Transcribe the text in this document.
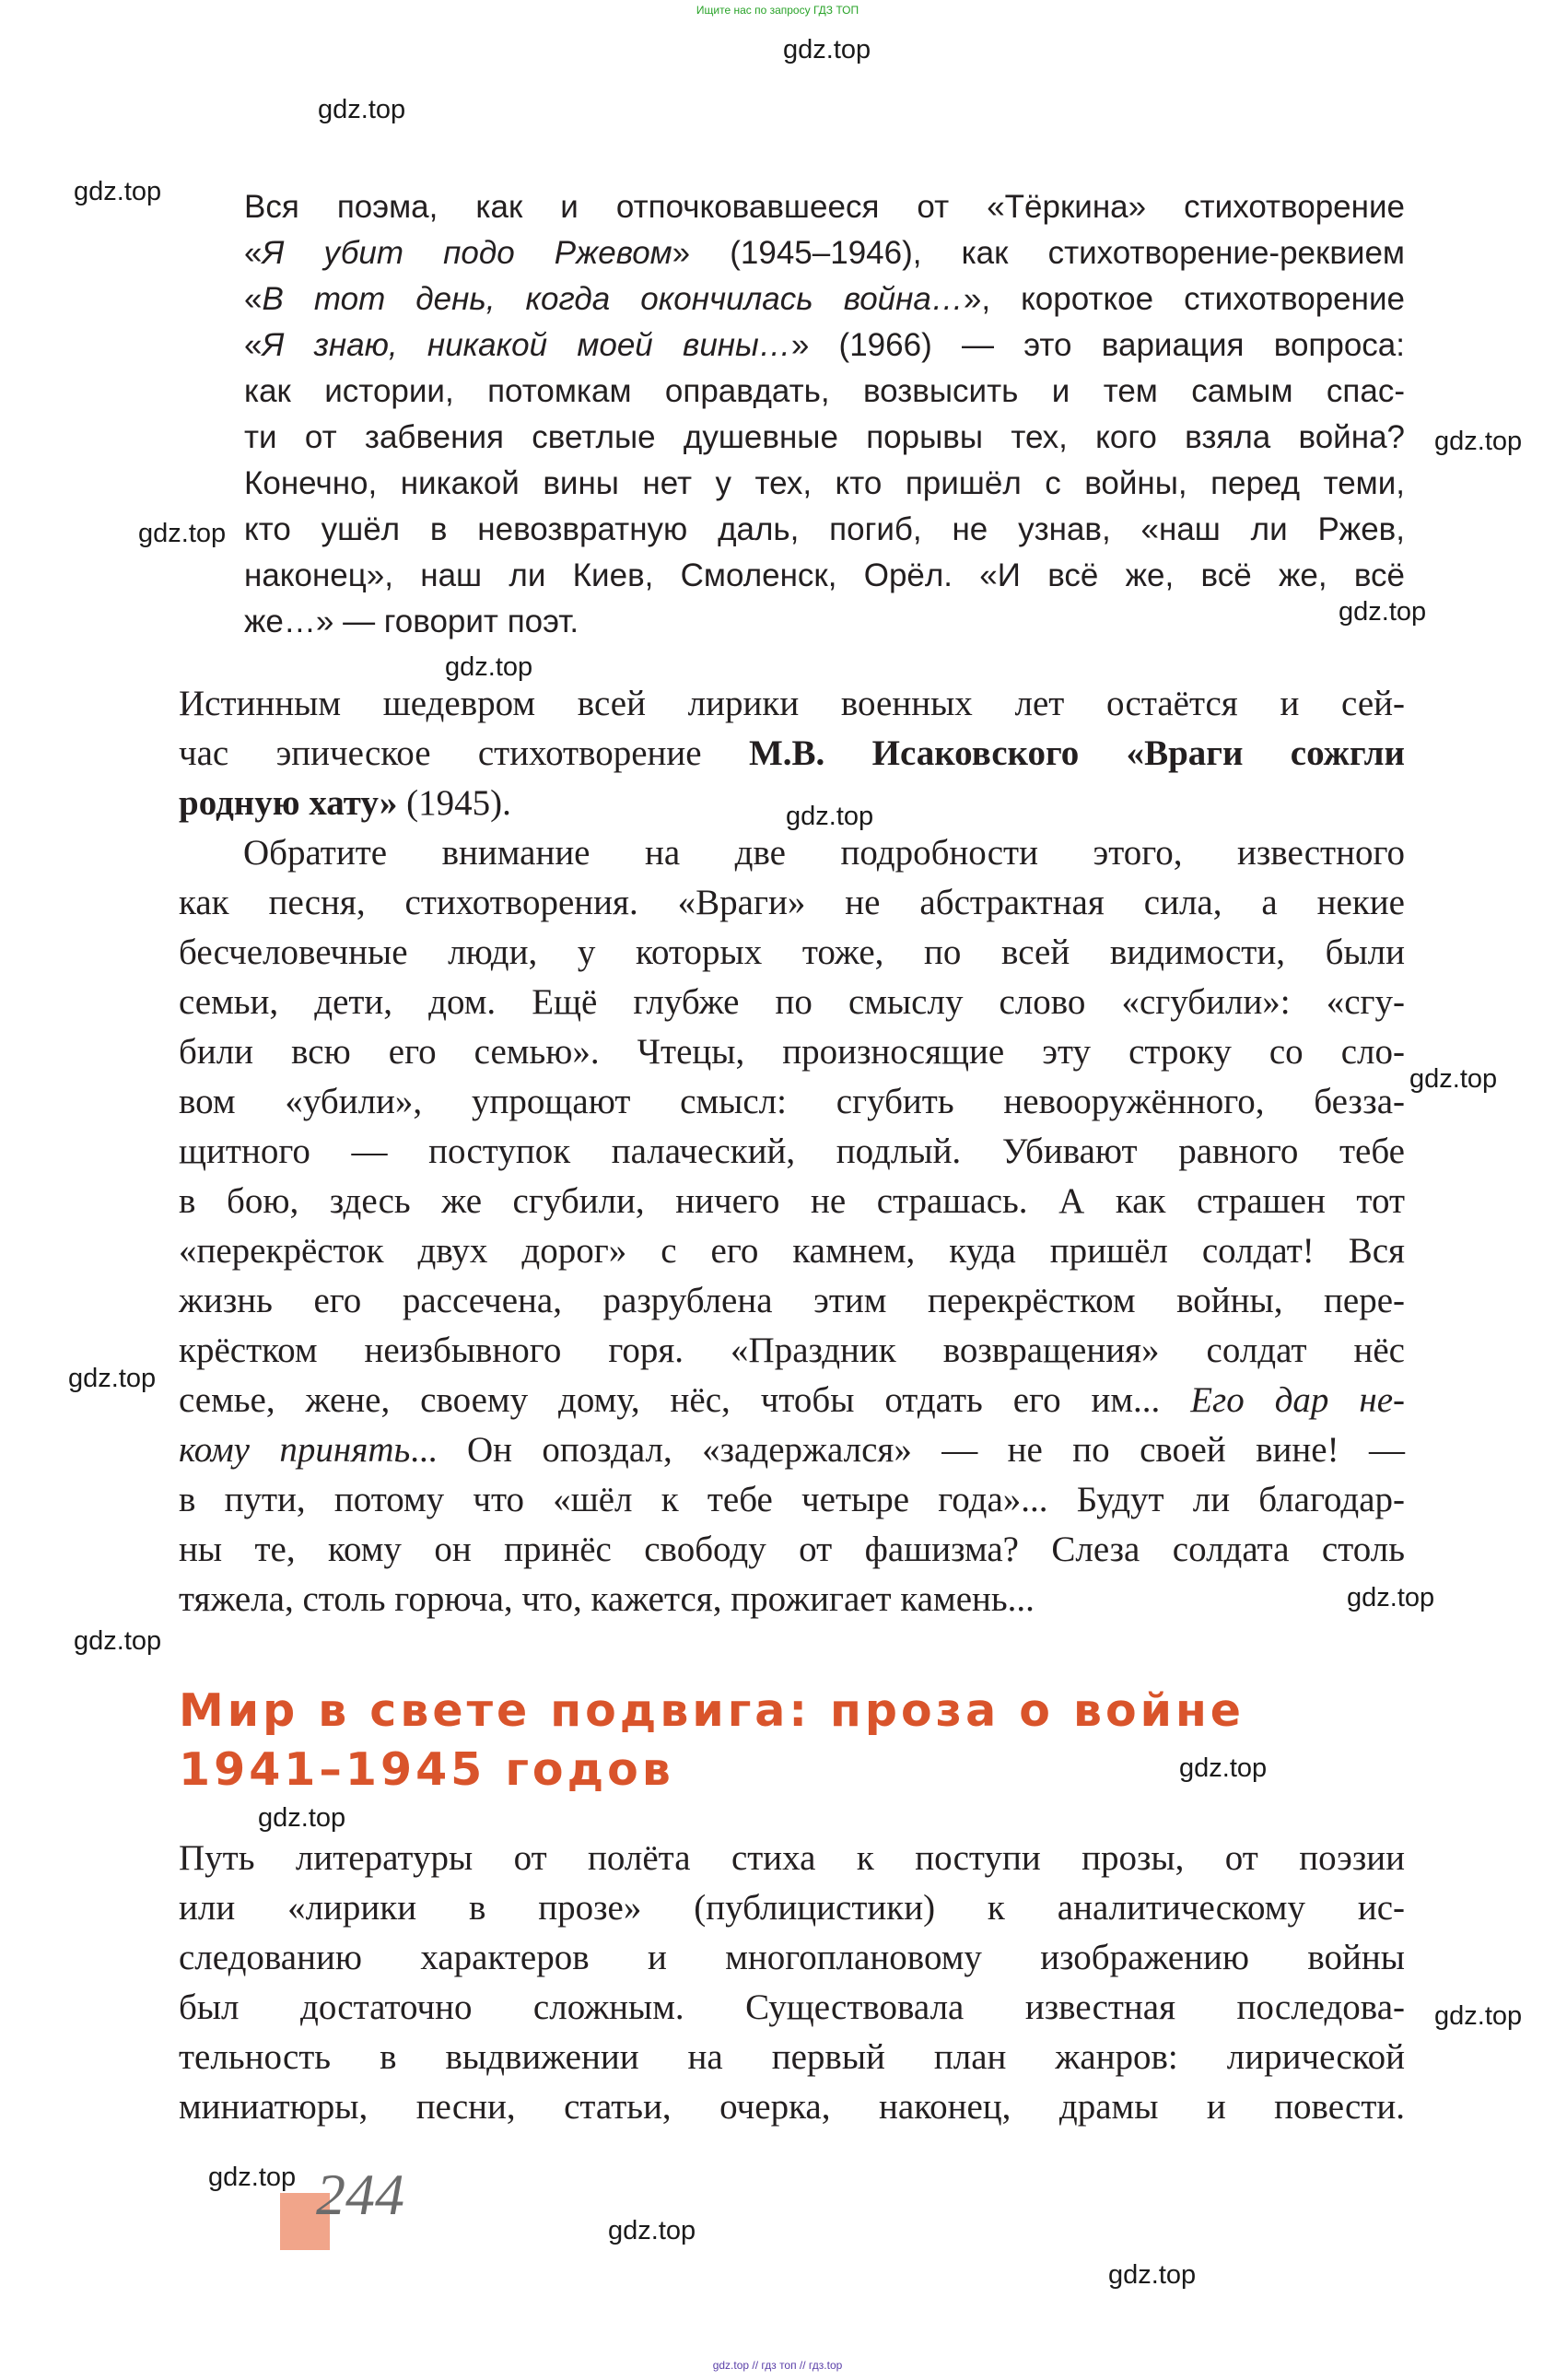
Ищите нас по запросу ГДЗ ТОП
Вся поэма, как и отпочковавшееся от «Тёркина» стихотворение
«Я убит подо Ржевом» (1945–1946), как стихотворение-реквием
«В тот день, когда окончилась война…», короткое стихотворение
«Я знаю, никакой моей вины…» (1966) — это вариация вопроса:
как истории, потомкам оправдать, возвысить и тем самым спас-
ти от забвения светлые душевные порывы тех, кого взяла война?
Конечно, никакой вины нет у тех, кто пришёл с войны, перед теми,
кто ушёл в невозвратную даль, погиб, не узнав, «наш ли Ржев,
наконец», наш ли Киев, Смоленск, Орёл. «И всё же, всё же, всё
же…» — говорит поэт.
Истинным шедевром всей лирики военных лет остаётся и сей-
час эпическое стихотворение М.В. Исаковского «Враги сожгли
родную хату» (1945).
Обратите внимание на две подробности этого, известного
как песня, стихотворения. «Враги» не абстрактная сила, а некие
бесчеловечные люди, у которых тоже, по всей видимости, были
семьи, дети, дом. Ещё глубже по смыслу слово «сгубили»: «сгу-
били всю его семью». Чтецы, произносящие эту строку со сло-
вом «убили», упрощают смысл: сгубить невооружённого, безза-
щитного — поступок палаческий, подлый. Убивают равного тебе
в бою, здесь же сгубили, ничего не страшась. А как страшен тот
«перекрёсток двух дорог» с его камнем, куда пришёл солдат! Вся
жизнь его рассечена, разрублена этим перекрёстком войны, пере-
крёстком неизбывного горя. «Праздник возвращения» солдат нёс
семье, жене, своему дому, нёс, чтобы отдать его им... Его дар не-
кому принять... Он опоздал, «задержался» — не по своей вине! —
в пути, потому что «шёл к тебе четыре года»... Будут ли благодар-
ны те, кому он принёс свободу от фашизма? Слеза солдата столь
тяжела, столь горюча, что, кажется, прожигает камень...
Мир в свете подвига: проза о войне
1941–1945 годов
Путь литературы от полёта стиха к поступи прозы, от поэзии
или «лирики в прозе» (публицистики) к аналитическому ис-
следованию характеров и многоплановому изображению войны
был достаточно сложным. Существовала известная последова-
тельность в выдвижении на первый план жанров: лирической
миниатюры, песни, статьи, очерка, наконец, драмы и повести.
244
gdz.top
gdz.top
gdz.top
gdz.top
gdz.top
gdz.top
gdz.top
gdz.top
gdz.top
gdz.top
gdz.top
gdz.top
gdz.top
gdz.top
gdz.top
gdz.top
gdz.top
gdz.top
gdz.top // гдз топ // гдз.top
